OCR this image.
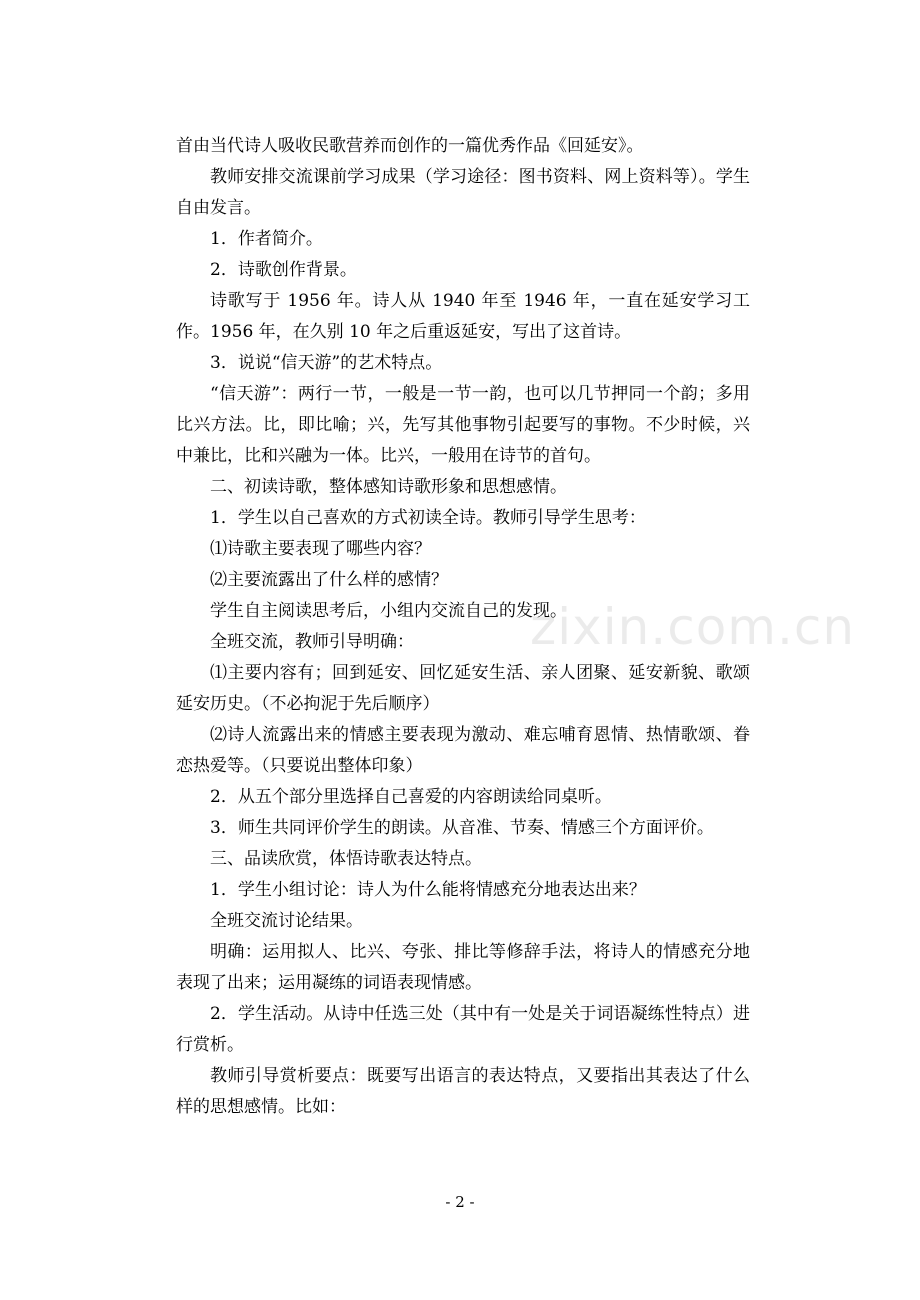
首由当代诗人吸收民歌营养而创作的一篇优秀作品《回延安》。

教师安排交流课前学习成果（学习途径：图书资料、网上资料等）。学生自由发言。

1．作者简介。

2．诗歌创作背景。

诗歌写于 1956 年。诗人从 1940 年至 1946 年，一直在延安学习工作。1956 年，在久别 10 年之后重返延安，写出了这首诗。

3．说说“信天游”的艺术特点。

“信天游”：两行一节，一般是一节一韵，也可以几节押同一个韵；多用比兴方法。比，即比喻；兴，先写其他事物引起要写的事物。不少时候，兴中兼比，比和兴融为一体。比兴，一般用在诗节的首句。

二、初读诗歌，整体感知诗歌形象和思想感情。

1．学生以自己喜欢的方式初读全诗。教师引导学生思考：

⑴诗歌主要表现了哪些内容？

⑵主要流露出了什么样的感情？

学生自主阅读思考后，小组内交流自己的发现。

全班交流，教师引导明确：

⑴主要内容有；回到延安、回忆延安生活、亲人团聚、延安新貌、歌颂延安历史。（不必拘泥于先后顺序）

⑵诗人流露出来的情感主要表现为激动、难忘哺育恩情、热情歌颂、眷恋热爱等。（只要说出整体印象）

2．从五个部分里选择自己喜爱的内容朗读给同桌听。

3．师生共同评价学生的朗读。从音准、节奏、情感三个方面评价。

三、品读欣赏，体悟诗歌表达特点。

1．学生小组讨论：诗人为什么能将情感充分地表达出来？

全班交流讨论结果。

明确：运用拟人、比兴、夸张、排比等修辞手法，将诗人的情感充分地表现了出来；运用凝练的词语表现情感。

2．学生活动。从诗中任选三处（其中有一处是关于词语凝练性特点）进行赏析。

教师引导赏析要点：既要写出语言的表达特点，又要指出其表达了什么样的思想感情。比如：

zixin.com.cn
- 2 -
